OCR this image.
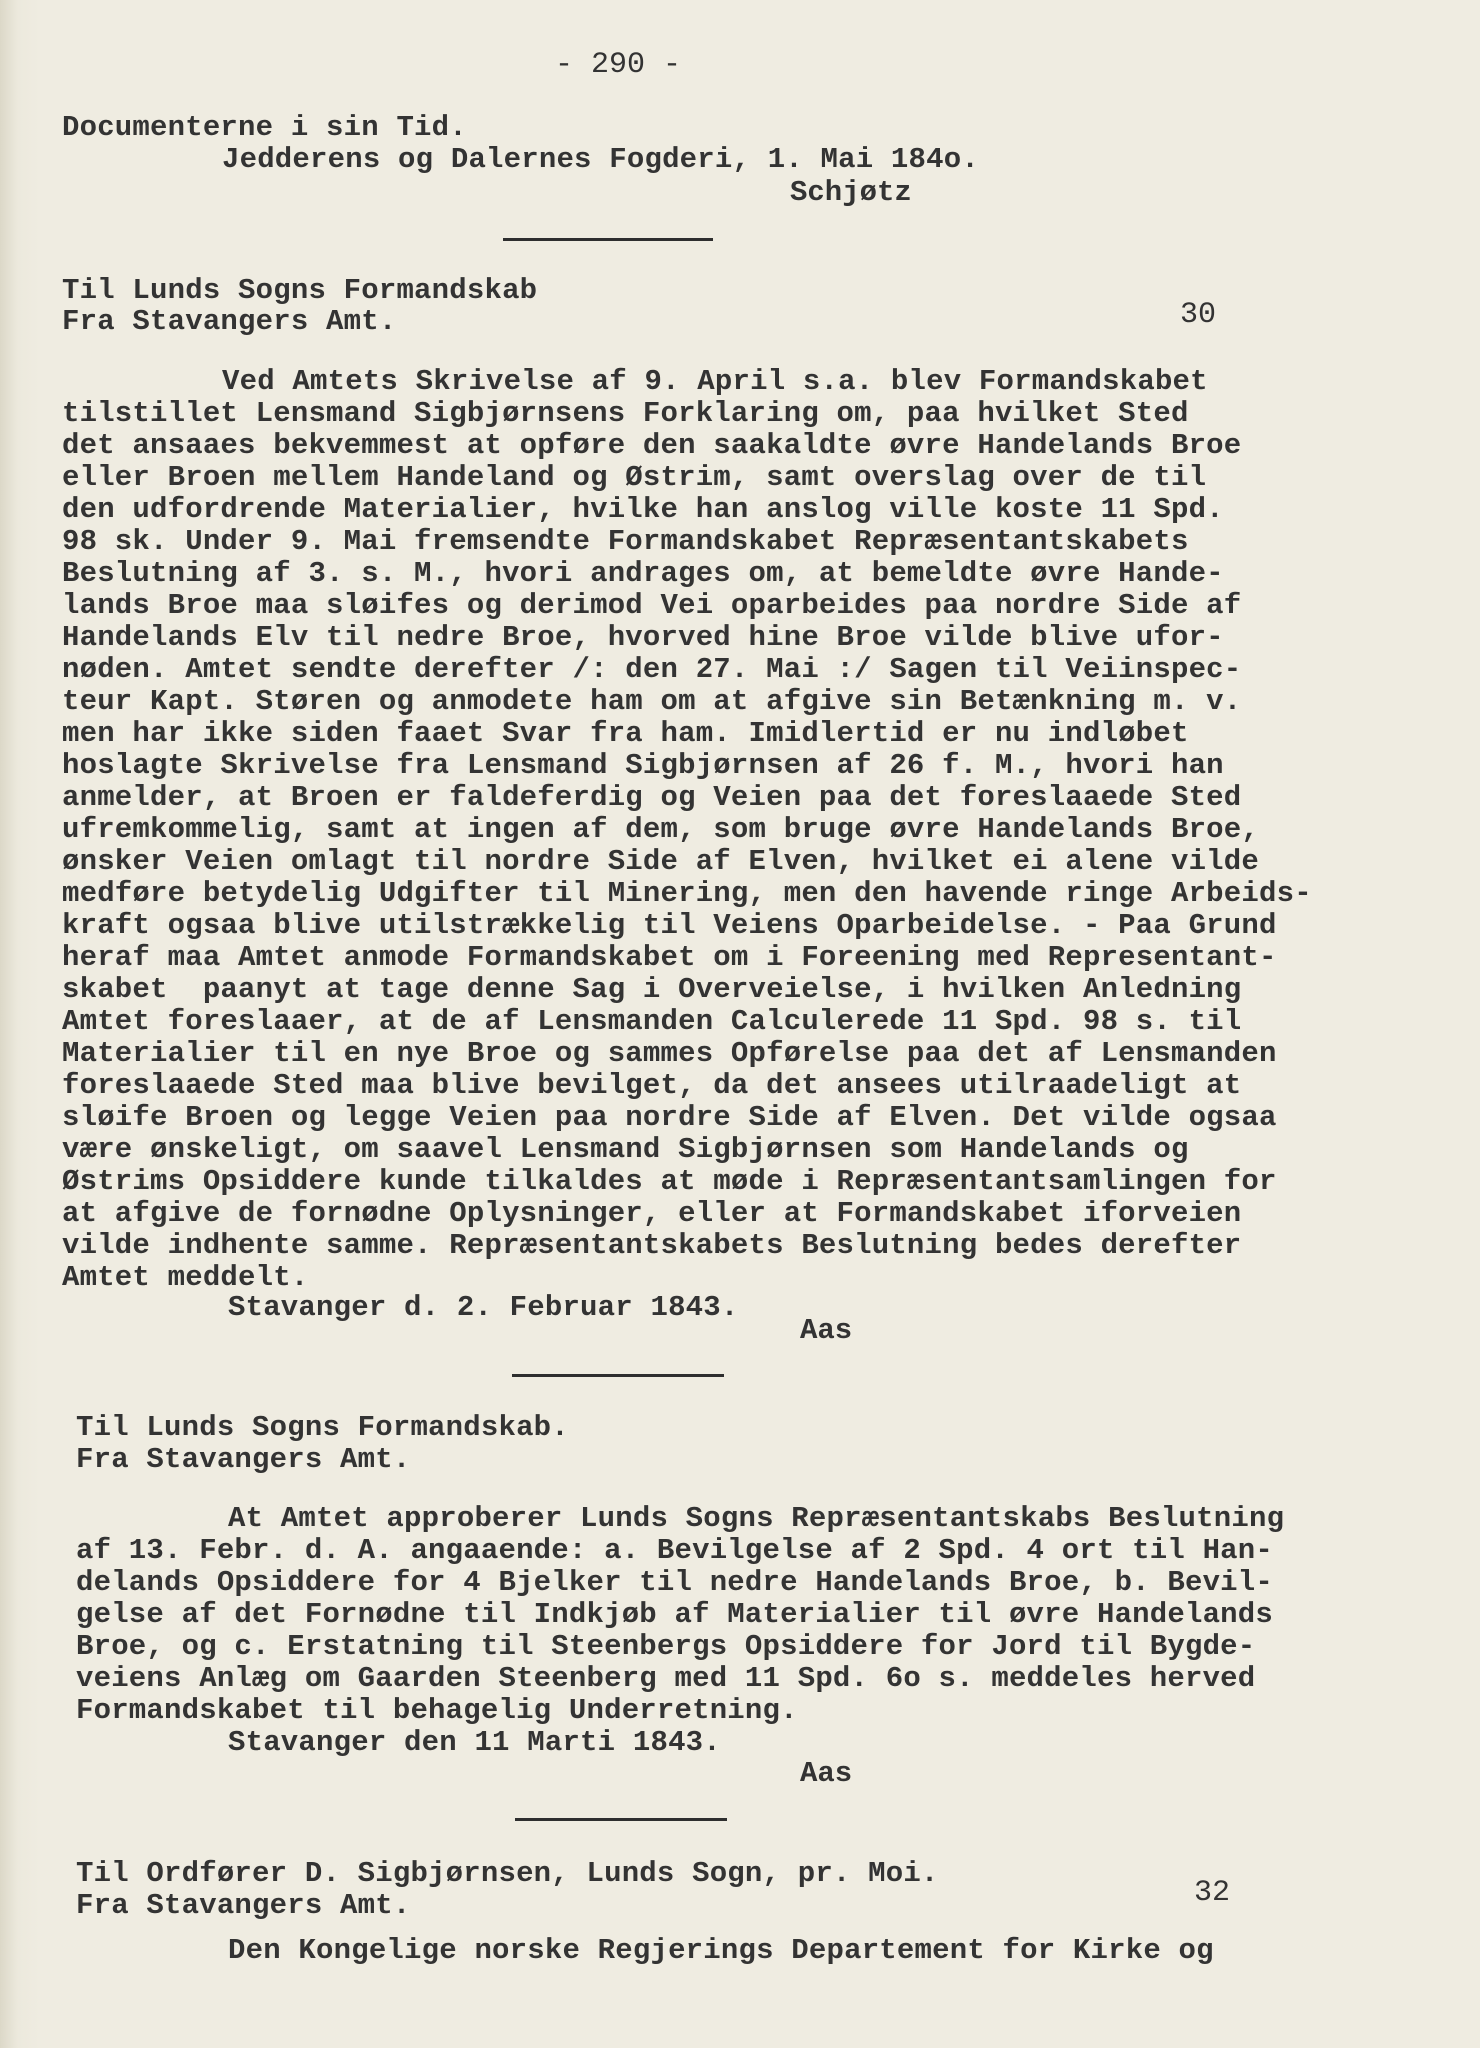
- 290 -
Documenterne i sin Tid.
Jedderens og Dalernes Fogderi, 1. Mai 184o.
Schjøtz
Til Lunds Sogns Formandskab
Fra Stavangers Amt.	30
Ved Amtets Skrivelse af 9. April s.a. blev Formandskabet
tilstillet Lensmand Sigbjørnsens Forklaring om, paa hvilket Sted
det ansaaes bekvemmest at opføre den saakaldte øvre Handelands Broe
eller Broen mellem Handeland og Østrim, samt overslag over de til
den udfordrende Materialier, hvilke han anslog ville koste 11 Spd.
98 sk. Under 9. Mai fremsendte Formandskabet Repræsentantskabets
Beslutning af 3. s. M., hvori andrages om, at bemeldte øvre Hande-
lands Broe maa sløifes og derimod Vei oparbeides paa nordre Side af
Handelands Elv til nedre Broe, hvorved hine Broe vilde blive ufor-
nøden. Amtet sendte derefter /: den 27. Mai :/ Sagen til Veiinspec-
teur Kapt. Støren og anmodete ham om at afgive sin Betænkning m. v.
men har ikke siden faaet Svar fra ham. Imidlertid er nu indløbet
hoslagte Skrivelse fra Lensmand Sigbjørnsen af 26 f. M., hvori han
anmelder, at Broen er faldeferdig og Veien paa det foreslaaede Sted
ufremkommelig, samt at ingen af dem, som bruge øvre Handelands Broe,
ønsker Veien omlagt til nordre Side af Elven, hvilket ei alene vilde
medføre betydelig Udgifter til Minering, men den havende ringe Arbeids-
kraft ogsaa blive utilstrækkelig til Veiens Oparbeidelse. - Paa Grund
heraf maa Amtet anmode Formandskabet om i Foreening med Representant-
skabet  paanyt at tage denne Sag i Overveielse, i hvilken Anledning
Amtet foreslaaer, at de af Lensmanden Calculerede 11 Spd. 98 s. til
Materialier til en nye Broe og sammes Opførelse paa det af Lensmanden
foreslaaede Sted maa blive bevilget, da det ansees utilraadeligt at
sløife Broen og legge Veien paa nordre Side af Elven. Det vilde ogsaa
være ønskeligt, om saavel Lensmand Sigbjørnsen som Handelands og
Østrims Opsiddere kunde tilkaldes at møde i Repræsentantsamlingen for
at afgive de fornødne Oplysninger, eller at Formandskabet iforveien
vilde indhente samme. Repræsentantskabets Beslutning bedes derefter
Amtet meddelt.
Stavanger d. 2. Februar 1843.
Aas
Til Lunds Sogns Formandskab.
Fra Stavangers Amt.
At Amtet approberer Lunds Sogns Repræsentantskabs Beslutning
af 13. Febr. d. A. angaaende: a. Bevilgelse af 2 Spd. 4 ort til Han-
delands Opsiddere for 4 Bjelker til nedre Handelands Broe, b. Bevil-
gelse af det Fornødne til Indkjøb af Materialier til øvre Handelands
Broe, og c. Erstatning til Steenbergs Opsiddere for Jord til Bygde-
veiens Anlæg om Gaarden Steenberg med 11 Spd. 6o s. meddeles herved
Formandskabet til behagelig Underretning.
Stavanger den 11 Marti 1843.
Aas
Til Ordfører D. Sigbjørnsen, Lunds Sogn, pr. Moi.
Fra Stavangers Amt.	32
Den Kongelige norske Regjerings Departement for Kirke og
